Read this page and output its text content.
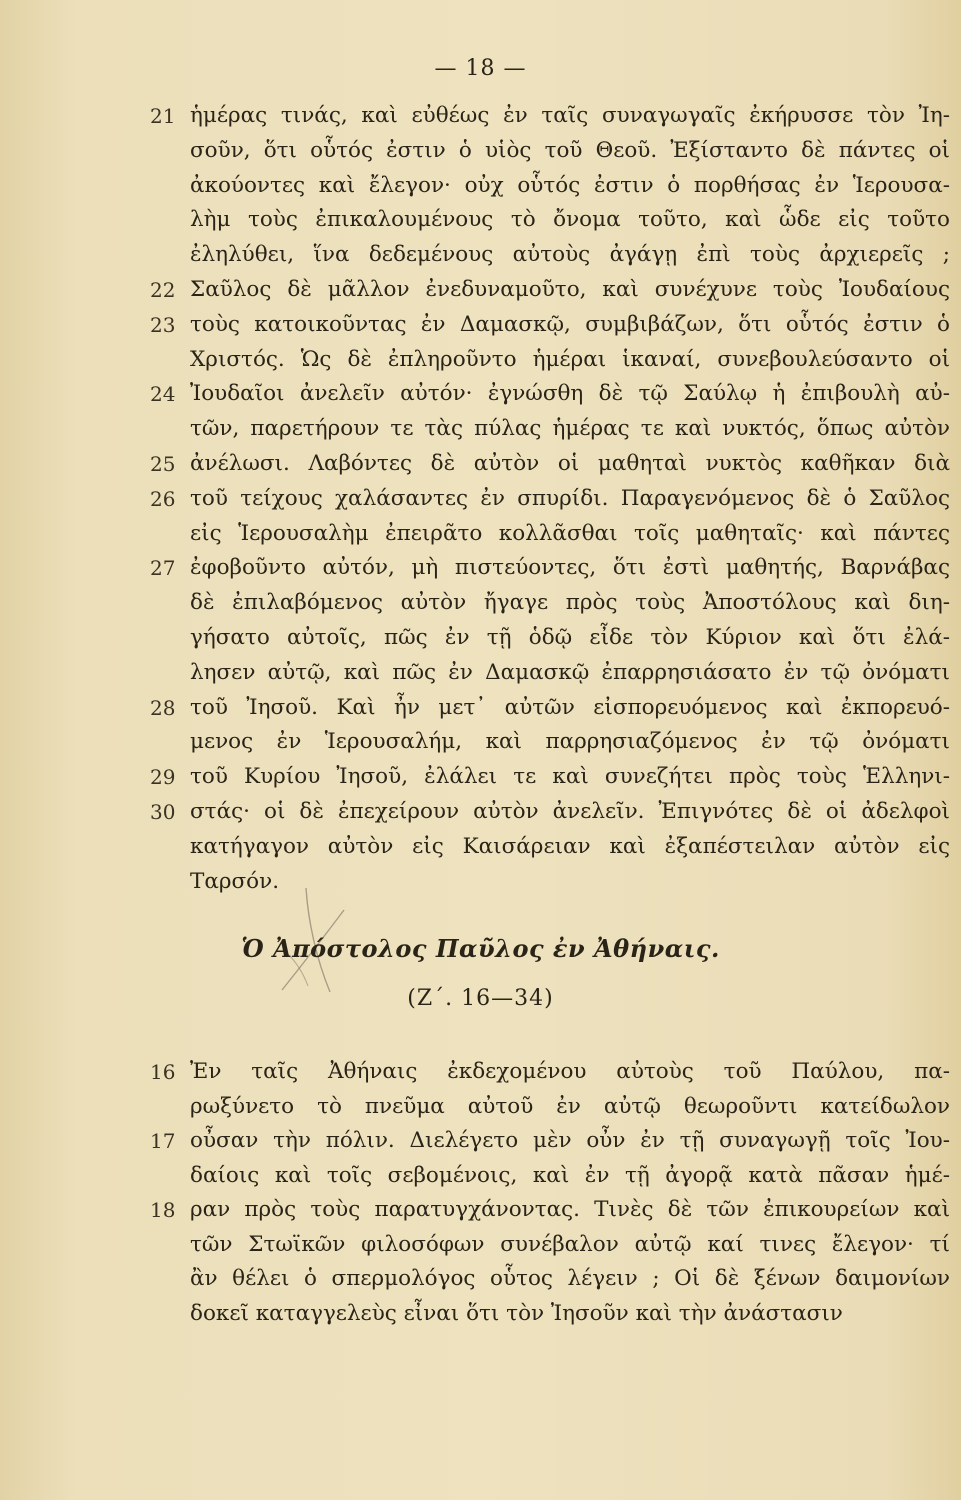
— 18 —
21 ἡμέρας τινάς, καὶ εὐθέως ἐν ταῖς συναγωγαῖς ἐκήρυσσε τὸν Ἰη-
σοῦν, ὅτι οὗτός ἐστιν ὁ υἱὸς τοῦ Θεοῦ. Ἐξίσταντο δὲ πάντες οἱ
ἀκούοντες καὶ ἔλεγον· οὐχ οὗτός ἐστιν ὁ πορθήσας ἐν Ἱερουσα-
λὴμ τοὺς ἐπικαλουμένους τὸ ὄνομα τοῦτο, καὶ ὧδε εἰς τοῦτο
ἐληλύθει, ἵνα δεδεμένους αὐτοὺς ἀγάγῃ ἐπὶ τοὺς ἀρχιερεῖς ;
22 Σαῦλος δὲ μᾶλλον ἐνεδυναμοῦτο, καὶ συνέχυνε τοὺς Ἰουδαίους
23 τοὺς κατοικοῦντας ἐν Δαμασκῷ, συμβιβάζων, ὅτι οὗτός ἐστιν ὁ
Χριστός. Ὡς δὲ ἐπληροῦντο ἡμέραι ἱκαναί, συνεβουλεύσαντο οἱ
24 Ἰουδαῖοι ἀνελεῖν αὐτόν· ἐγνώσθη δὲ τῷ Σαύλῳ ἡ ἐπιβουλὴ αὐ-
τῶν, παρετήρουν τε τὰς πύλας ἡμέρας τε καὶ νυκτός, ὅπως αὐτὸν
25 ἀνέλωσι. Λαβόντες δὲ αὐτὸν οἱ μαθηταὶ νυκτὸς καθῆκαν διὰ
26 τοῦ τείχους χαλάσαντες ἐν σπυρίδι. Παραγενόμενος δὲ ὁ Σαῦλος
εἰς Ἱερουσαλὴμ ἐπειρᾶτο κολλᾶσθαι τοῖς μαθηταῖς· καὶ πάντες
27 ἐφοβοῦντο αὐτόν, μὴ πιστεύοντες, ὅτι ἐστὶ μαθητής, Βαρνάβας
δὲ ἐπιλαβόμενος αὐτὸν ἤγαγε πρὸς τοὺς Ἀποστόλους καὶ διη-
γήσατο αὐτοῖς, πῶς ἐν τῇ ὁδῷ εἶδε τὸν Κύριον καὶ ὅτι ἐλά-
λησεν αὐτῷ, καὶ πῶς ἐν Δαμασκῷ ἐπαρρησιάσατο ἐν τῷ ὀνόματι
28 τοῦ Ἰησοῦ. Καὶ ἦν μετ᾽ αὐτῶν εἰσπορευόμενος καὶ ἐκπορευό-
μενος ἐν Ἱερουσαλήμ, καὶ παρρησιαζόμενος ἐν τῷ ὀνόματι
29 τοῦ Κυρίου Ἰησοῦ, ἐλάλει τε καὶ συνεζήτει πρὸς τοὺς Ἑλληνι-
30 στάς· οἱ δὲ ἐπεχείρουν αὐτὸν ἀνελεῖν. Ἐπιγνότες δὲ οἱ ἀδελφοὶ
κατήγαγον αὐτὸν εἰς Καισάρειαν καὶ ἐξαπέστειλαν αὐτὸν εἰς
Ταρσόν.
Ὁ Ἀπόστολος Παῦλος ἐν Ἀθήναις.
(Ζ΄. 16—34)
16 Ἐν ταῖς Ἀθήναις ἐκδεχομένου αὐτοὺς τοῦ Παύλου, πα-
ρωξύνετο τὸ πνεῦμα αὐτοῦ ἐν αὐτῷ θεωροῦντι κατείδωλον
17 οὖσαν τὴν πόλιν. Διελέγετο μὲν οὖν ἐν τῇ συναγωγῇ τοῖς Ἰου-
δαίοις καὶ τοῖς σεβομένοις, καὶ ἐν τῇ ἀγορᾷ κατὰ πᾶσαν ἡμέ-
18 ραν πρὸς τοὺς παρατυγχάνοντας. Τινὲς δὲ τῶν ἐπικουρείων καὶ
τῶν Στωϊκῶν φιλοσόφων συνέβαλον αὐτῷ καί τινες ἔλεγον· τί
ἂν θέλει ὁ σπερμολόγος οὗτος λέγειν ; Οἱ δὲ ξένων δαιμονίων
δοκεῖ καταγγελεὺς εἶναι ὅτι τὸν Ἰησοῦν καὶ τὴν ἀνάστασιν
